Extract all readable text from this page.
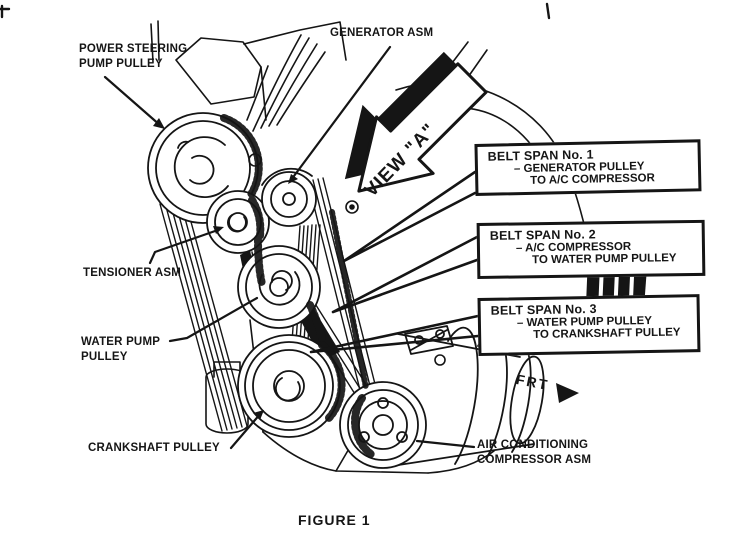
VIEW "A"
POWER STEERING
PUMP PULLEY
GENERATOR ASM
TENSIONER ASM
WATER PUMP
PULLEY
CRANKSHAFT PULLEY	AIR CONDITIONING
COMPRESSOR ASM
BELT SPAN No. 1
– GENERATOR PULLEY
TO A/C COMPRESSOR
BELT SPAN No. 2
– A/C COMPRESSOR
TO WATER PUMP PULLEY
BELT SPAN No. 3
– WATER PUMP PULLEY
TO CRANKSHAFT PULLEY
FRT
FIGURE 1
